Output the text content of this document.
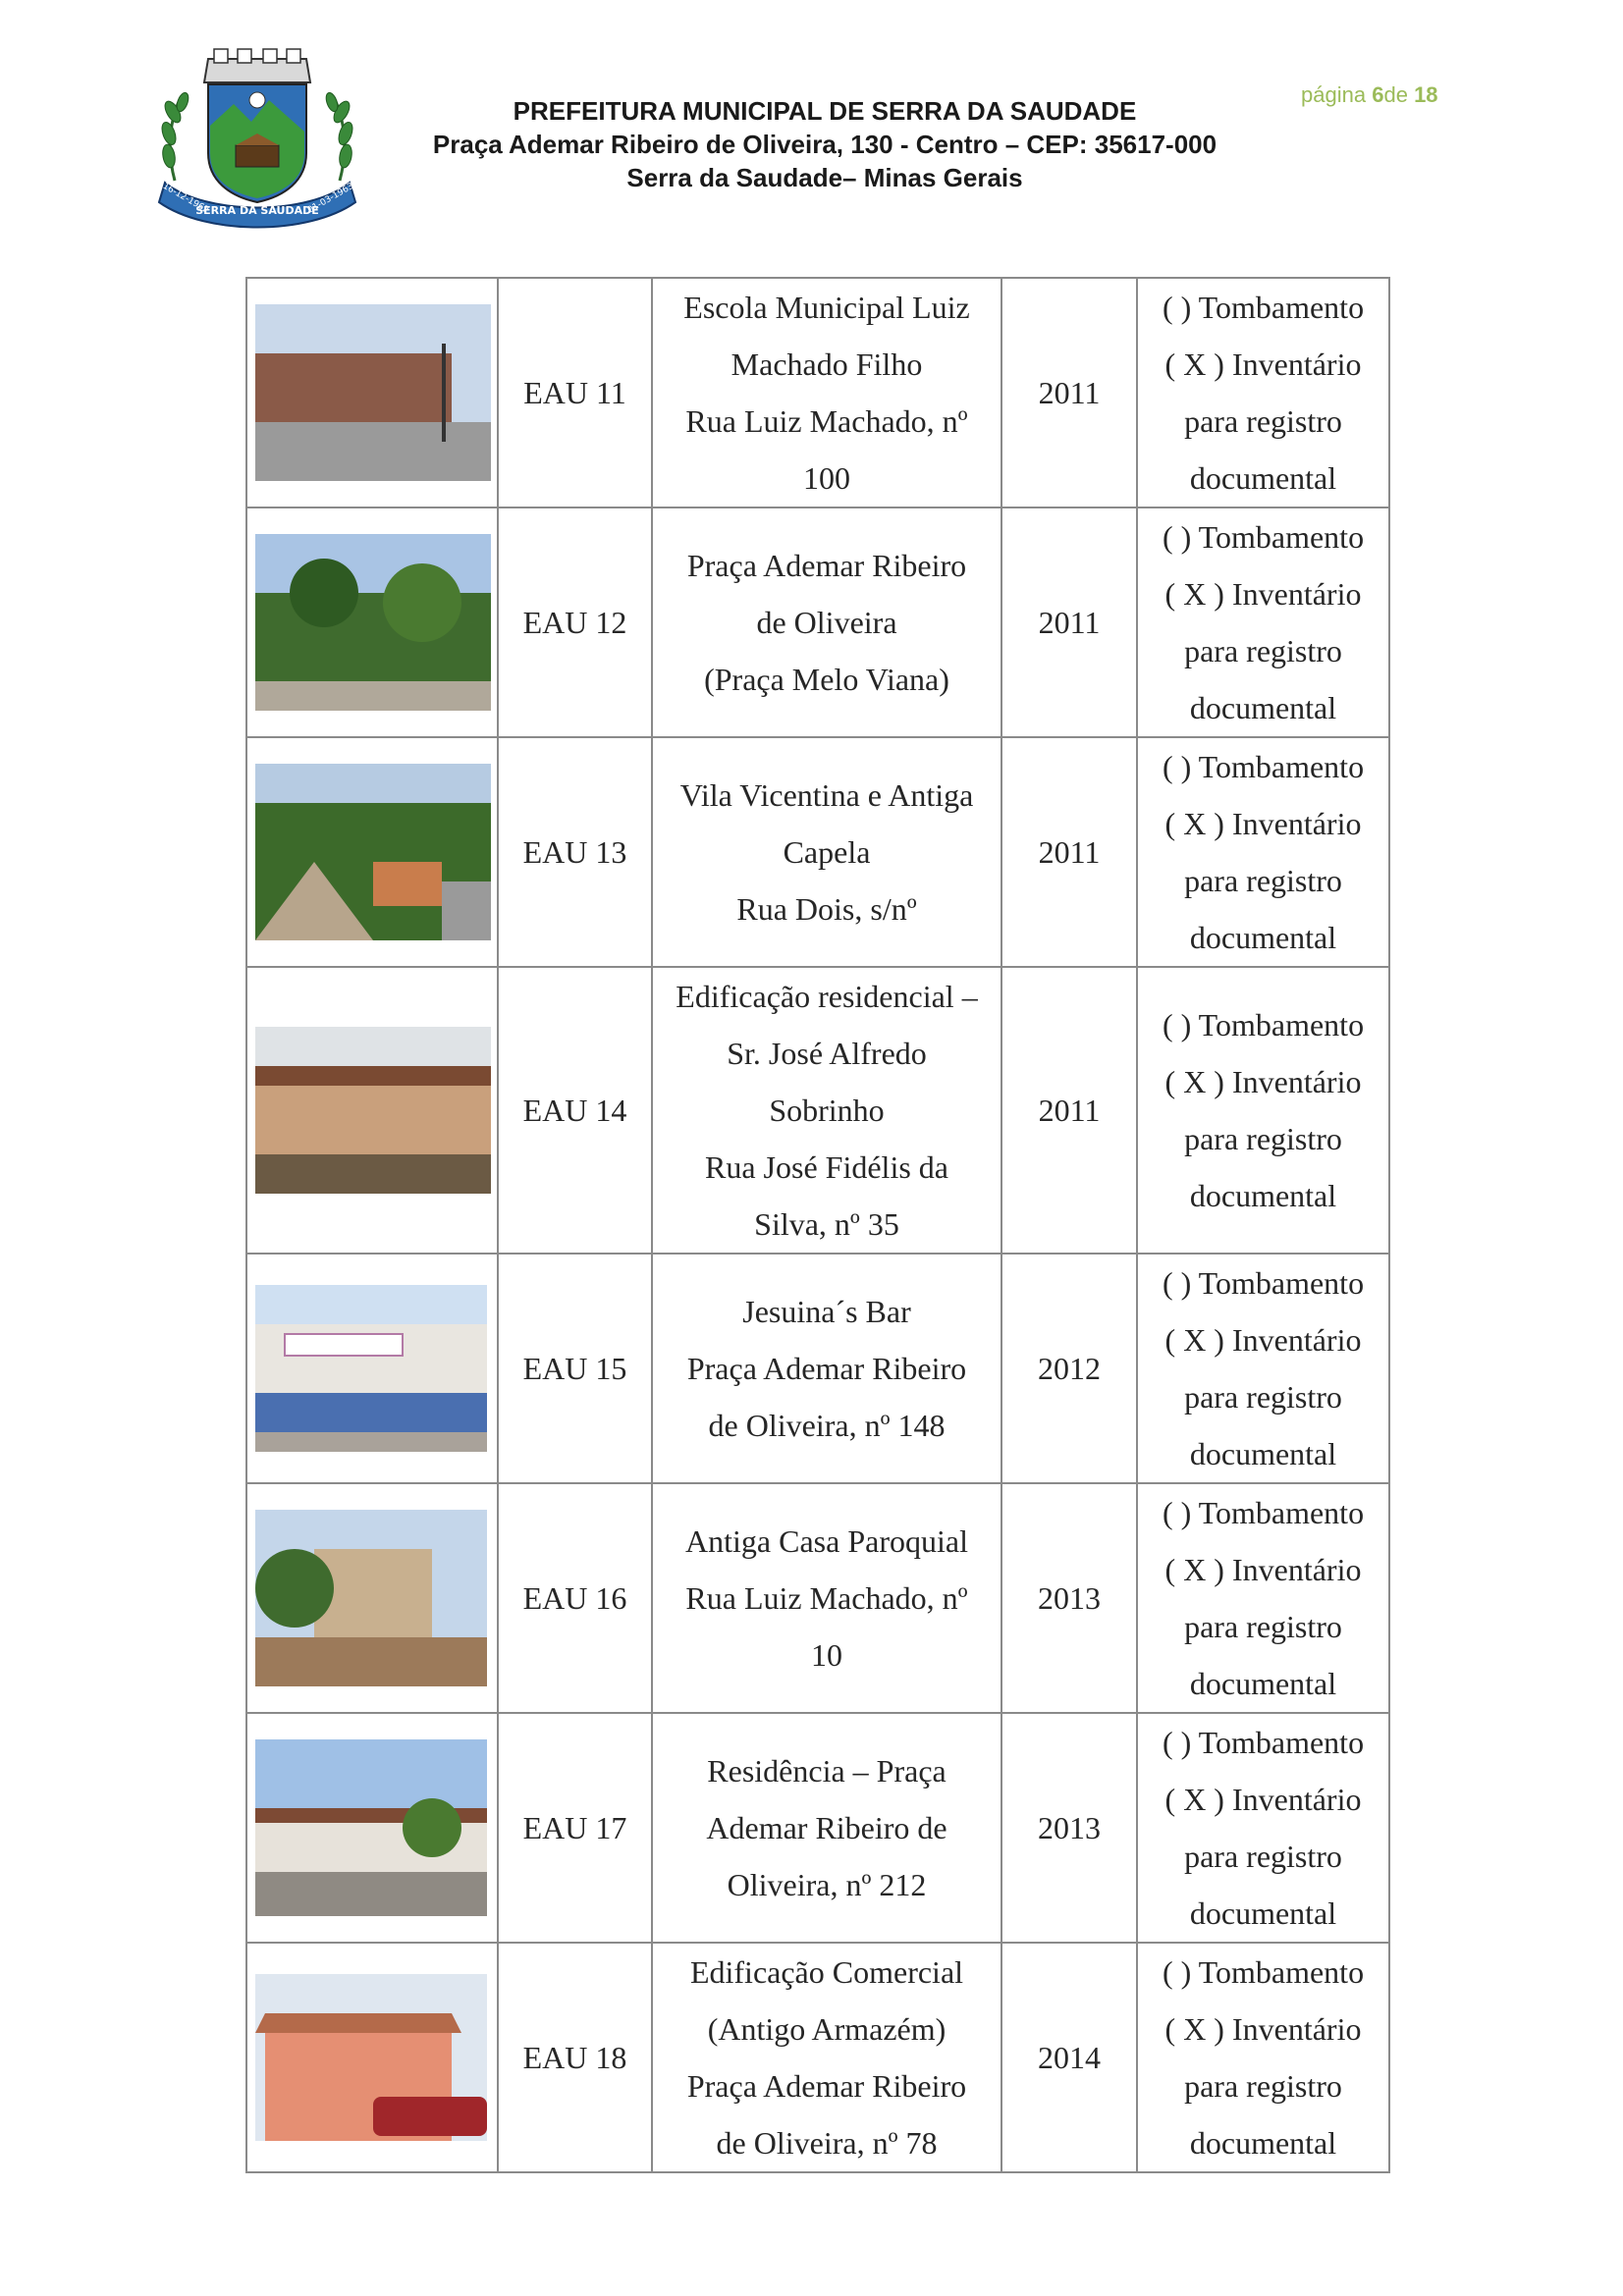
SERRA DA SAUDADE
16-12-1962	01-03-1963
PREFEITURA MUNICIPAL DE SERRA DA SAUDADE
Praça Ademar Ribeiro de Oliveira, 130 - Centro – CEP: 35617-000
Serra da Saudade– Minas Gerais
página 6de 18
	EAU 11	Escola Municipal Luiz
Machado Filho
Rua Luiz Machado, nº
100	2011	( ) Tombamento
( X ) Inventário
para registro
documental

	EAU 12	Praça Ademar Ribeiro
de Oliveira
(Praça Melo Viana)	2011	( ) Tombamento
( X ) Inventário
para registro
documental

	EAU 13	Vila Vicentina e Antiga
Capela
Rua Dois, s/nº	2011	( ) Tombamento
( X ) Inventário
para registro
documental

	EAU 14	Edificação residencial –
Sr. José Alfredo
Sobrinho
Rua José Fidélis da
Silva, nº 35	2011	( ) Tombamento
( X ) Inventário
para registro
documental

	EAU 15	Jesuina´s Bar
Praça Ademar Ribeiro
de Oliveira, nº 148	2012	( ) Tombamento
( X ) Inventário
para registro
documental

	EAU 16	Antiga Casa Paroquial
Rua Luiz Machado, nº
10	2013	( ) Tombamento
( X ) Inventário
para registro
documental

	EAU 17	Residência – Praça
Ademar Ribeiro de
Oliveira, nº 212	2013	( ) Tombamento
( X ) Inventário
para registro
documental

	EAU 18	Edificação Comercial
(Antigo Armazém)
Praça Ademar Ribeiro
de Oliveira, nº 78	2014	( ) Tombamento
( X ) Inventário
para registro
documental
